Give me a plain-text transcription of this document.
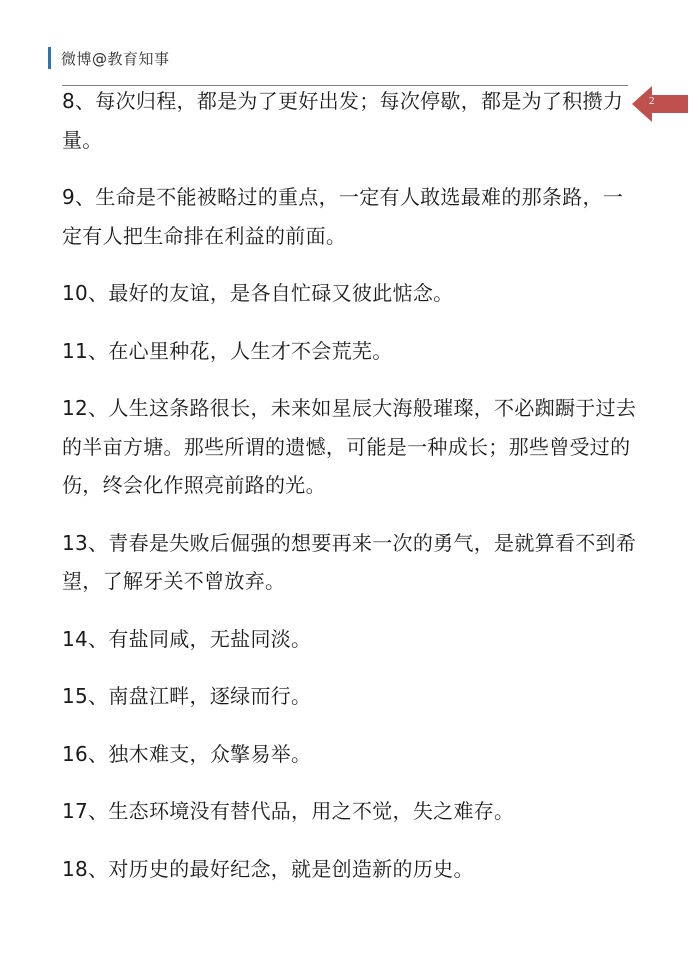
微博@教育知事
2

8、每次归程，都是为了更好出发；每次停歇，都是为了积攒力量。

9、生命是不能被略过的重点，一定有人敢选最难的那条路，一定有人把生命排在利益的前面。

10、最好的友谊，是各自忙碌又彼此惦念。

11、在心里种花，人生才不会荒芜。

12、人生这条路很长，未来如星辰大海般璀璨，不必踟蹰于过去的半亩方塘。那些所谓的遗憾，可能是一种成长；那些曾受过的伤，终会化作照亮前路的光。

13、青春是失败后倔强的想要再来一次的勇气，是就算看不到希望，了解牙关不曾放弃。

14、有盐同咸，无盐同淡。

15、南盘江畔，逐绿而行。

16、独木难支，众擎易举。

17、生态环境没有替代品，用之不觉，失之难存。

18、对历史的最好纪念，就是创造新的历史。
